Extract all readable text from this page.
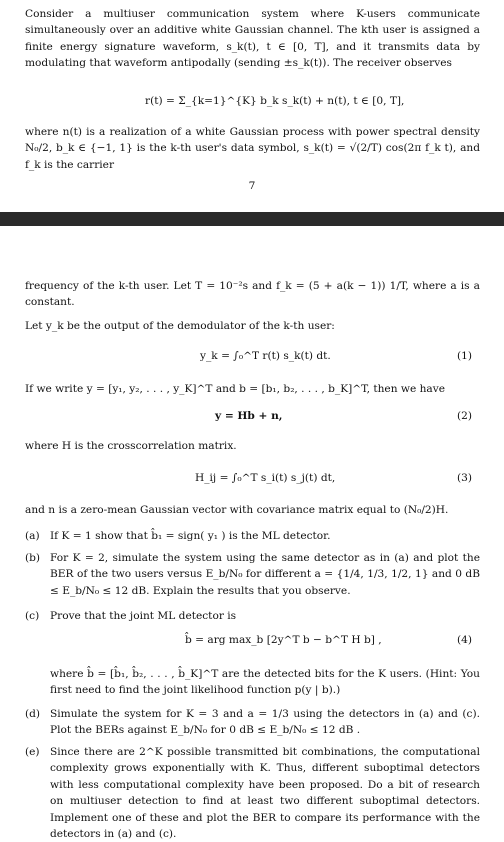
Consider a multiuser communication system where K-users communicate simultaneously over an additive white Gaussian channel. The kth user is assigned a finite energy signature waveform, s_k(t), t ∈ [0, T], and it transmits data by modulating that waveform antipodally (sending ±s_k(t)). The receiver observes

r(t) = Σ_{k=1}^{K} b_k s_k(t) + n(t), t ∈ [0, T],

where n(t) is a realization of a white Gaussian process with power spectral density N₀/2, b_k ∈ {−1, 1} is the k-th user's data symbol, s_k(t) = √(2/T) cos(2π f_k t), and f_k is the carrier

7

frequency of the k-th user. Let T = 10⁻²s and f_k = (5 + a(k − 1)) 1/T, where a is a constant.

Let y_k be the output of the demodulator of the k-th user:

y_k = ∫₀^T r(t) s_k(t) dt.	(1)

If we write y = [y₁, y₂, . . . , y_K]^T and b = [b₁, b₂, . . . , b_K]^T, then we have

y = Hb + n,	(2)

where H is the crosscorrelation matrix.

H_ij = ∫₀^T s_i(t) s_j(t) dt,	(3)

and n is a zero-mean Gaussian vector with covariance matrix equal to (N₀/2)H.

(a) If K = 1 show that b̂₁ = sign( y₁ ) is the ML detector.

(b) For K = 2, simulate the system using the same detector as in (a) and plot the BER of the two users versus E_b/N₀ for different a = {1/4, 1/3, 1/2, 1} and 0 dB ≤ E_b/N₀ ≤ 12 dB. Explain the results that you observe.

(c)	Prove that the joint ML detector is

b̂ = arg max_b [2y^T b − b^T H b] ,	(4)

where b̂ = [b̂₁, b̂₂, . . . , b̂_K]^T are the detected bits for the K users. (Hint: You first need to find the joint likelihood function p(y | b).)

(d) Simulate the system for K = 3 and a = 1/3 using the detectors in (a) and (c). Plot the BERs against E_b/N₀ for 0 dB ≤ E_b/N₀ ≤ 12 dB .

(e) Since there are 2^K possible transmitted bit combinations, the computational complexity grows exponentially with K. Thus, different suboptimal detectors with less computational complexity have been proposed. Do a bit of research on multiuser detection to find at least two different suboptimal detectors. Implement one of these and plot the BER to compare its performance with the detectors in (a) and (c).
